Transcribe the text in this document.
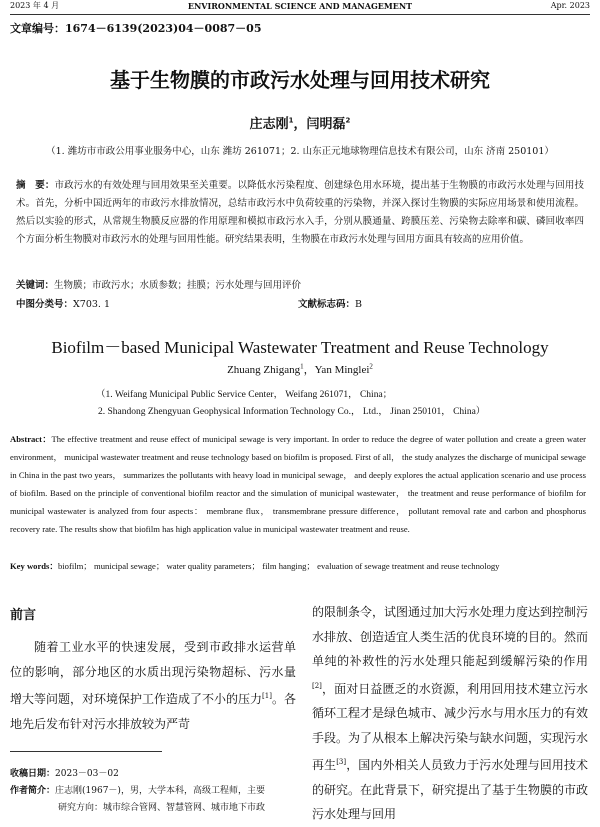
2023 年 4 月	ENVIRONMENTAL SCIENCE AND MANAGEMENT	Apr. 2023
文章编号：1674－6139(2023)04－0087－05
基于生物膜的市政污水处理与回用技术研究
庄志刚$^1$，闫明磊$^2$
（1. 潍坊市市政公用事业服务中心，山东 潍坊 261071；2. 山东正元地球物理信息技术有限公司，山东 济南 250101）
摘　要：市政污水的有效处理与回用效果至关重要。以降低水污染程度、创建绿色用水环境，提出基于生物膜的市政污水处理与回用技术。首先，分析中国近两年的市政污水排放情况，总结市政污水中负荷较重的污染物，并深入探讨生物膜的实际应用场景和使用流程。然后以实验的形式，从常规生物膜反应器的作用原理和模拟市政污水入手，分别从膜通量、跨膜压差、污染物去除率和碳、磷回收率四个方面分析生物膜对市政污水的处理与回用性能。研究结果表明，生物膜在市政污水处理与回用方面具有较高的应用价值。
关键词：生物膜；市政污水；水质参数；挂膜；污水处理与回用评价
中图分类号：X703. 1	文献标志码：B
Biofilm－based Municipal Wastewater Treatment and Reuse Technology
Zhuang Zhigang$^1$，Yan Minglei$^2$
（1. Weifang Municipal Public Service Center， Weifang 261071， China；
2. Shandong Zhengyuan Geophysical Information Technology Co.， Ltd.， Jinan 250101， China）
Abstract：The effective treatment and reuse effect of municipal sewage is very important. In order to reduce the degree of water pollution and create a green water environment， municipal wastewater treatment and reuse technology based on biofilm is proposed. First of all， the study analyzes the discharge of municipal sewage in China in the past two years， summarizes the pollutants with heavy load in municipal sewage， and deeply explores the actual application scenario and use process of biofilm. Based on the principle of conventional biofilm reactor and the simulation of municipal wastewater， the treatment and reuse performance of biofilm for municipal wastewater is analyzed from four aspects： membrane flux， transmembrane pressure difference， pollutant removal rate and carbon and phosphorus recovery rate. The results show that biofilm has high application value in municipal wastewater treatment and reuse.
Key words：biofilm； municipal sewage； water quality parameters； film hanging； evaluation of sewage treatment and reuse technology
前言
随着工业水平的快速发展，受到市政排水运营单位的影响，部分地区的水质出现污染物超标、污水量增大等问题，对环境保护工作造成了不小的压力[1]。各地先后发布针对污水排放较为严苛
的限制条令，试图通过加大污水处理力度达到控制污水排放、创造适宜人类生活的优良环境的目的。然而单纯的补救性的污水处理只能起到缓解污染的作用[2]，面对日益匮乏的水资源，利用回用技术建立污水循环工程才是绿色城市、减少污水与用水压力的有效手段。为了从根本上解决污染与缺水问题，实现污水再生[3]，国内外相关人员致力于污水处理与回用技术的研究。在此背景下，研究提出了基于生物膜的市政污水处理与回用
收稿日期：2023－03－02
作者简介：庄志刚(1967－)，男，大学本科，高级工程师，主要
研究方向：城市综合管网、智慧管网、城市地下市政
